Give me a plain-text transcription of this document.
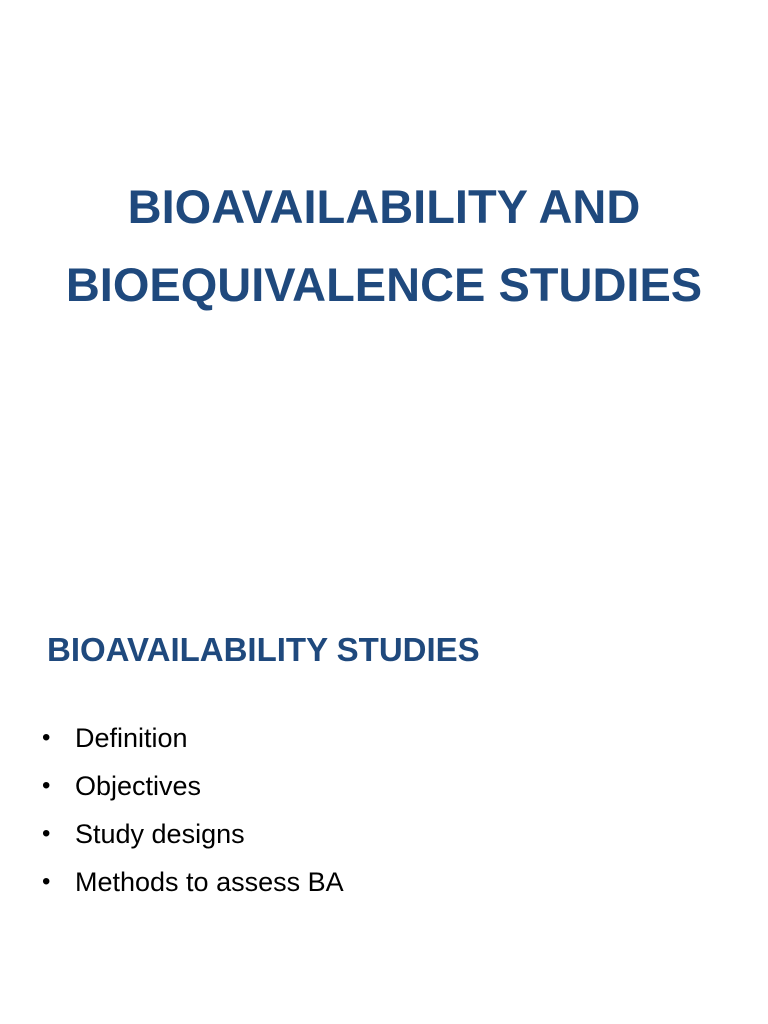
BIOAVAILABILITY AND
BIOEQUIVALENCE STUDIES
BIOAVAILABILITY STUDIES
• Definition
• Objectives
• Study designs
• Methods to assess BA
